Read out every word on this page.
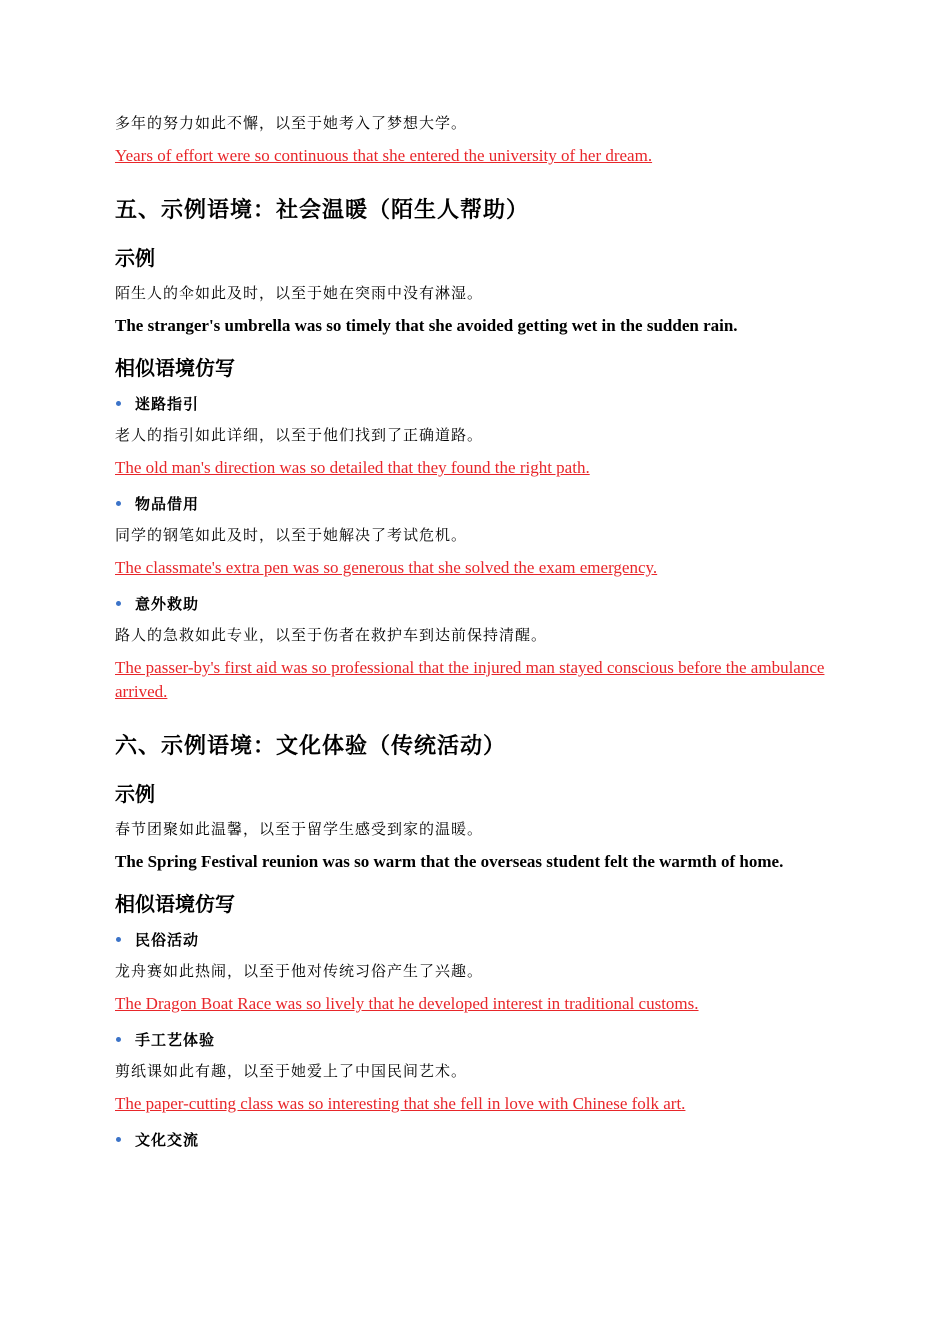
多年的努力如此不懈，以至于她考入了梦想大学。

Years of effort were so continuous that she entered the university of her dream.

五、示例语境：社会温暖（陌生人帮助）
示例

陌生人的伞如此及时，以至于她在突雨中没有淋湿。

The stranger's umbrella was so timely that she avoided getting wet in the sudden rain.

相似语境仿写
迷路指引

老人的指引如此详细，以至于他们找到了正确道路。

The old man's direction was so detailed that they found the right path.

物品借用

同学的钢笔如此及时，以至于她解决了考试危机。

The classmate's extra pen was so generous that she solved the exam emergency.

意外救助

路人的急救如此专业，以至于伤者在救护车到达前保持清醒。

The passer-by's first aid was so professional that the injured man stayed conscious before the ambulance arrived.

六、示例语境：文化体验（传统活动）
示例

春节团聚如此温馨，以至于留学生感受到家的温暖。

The Spring Festival reunion was so warm that the overseas student felt the warmth of home.

相似语境仿写
民俗活动

龙舟赛如此热闹，以至于他对传统习俗产生了兴趣。

The Dragon Boat Race was so lively that he developed interest in traditional customs.

手工艺体验

剪纸课如此有趣，以至于她爱上了中国民间艺术。

The paper-cutting class was so interesting that she fell in love with Chinese folk art.

文化交流
